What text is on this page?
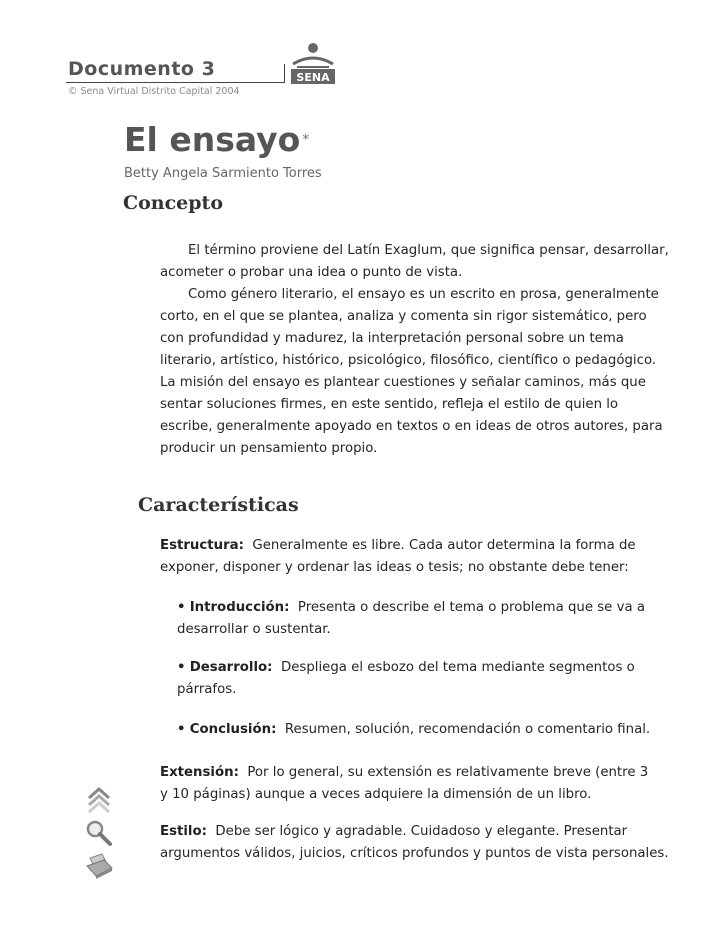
Documento 3
© Sena Virtual Distrito Capital 2004
SENA
El ensayo *
Betty Angela Sarmiento Torres
Concepto

El término proviene del Latín Exaglum, que significa pensar, desarrollar, acometer o probar una idea o punto de vista.

Como género literario, el ensayo es un escrito en prosa, generalmente corto, en el que se plantea, analiza y comenta sin rigor sistemático, pero con profundidad y madurez, la interpretación personal sobre un tema literario, artístico, histórico, psicológico, filosófico, científico o pedagógico. La misión del ensayo es plantear cuestiones y señalar caminos, más que sentar soluciones firmes, en este sentido, refleja el estilo de quien lo escribe, generalmente apoyado en textos o en ideas de otros autores, para producir un pensamiento propio.

Características

Estructura: Generalmente es libre. Cada autor determina la forma de exponer, disponer y ordenar las ideas o tesis; no obstante debe tener:

• Introducción: Presenta o describe el tema o problema que se va a desarrollar o sustentar.

• Desarrollo: Despliega el esbozo del tema mediante segmentos o párrafos.

• Conclusión: Resumen, solución, recomendación o comentario final.

Extensión: Por lo general, su extensión es relativamente breve (entre 3 y 10 páginas) aunque a veces adquiere la dimensión de un libro.

Estilo: Debe ser lógico y agradable. Cuidadoso y elegante. Presentar argumentos válidos, juicios, críticos profundos y puntos de vista personales.
